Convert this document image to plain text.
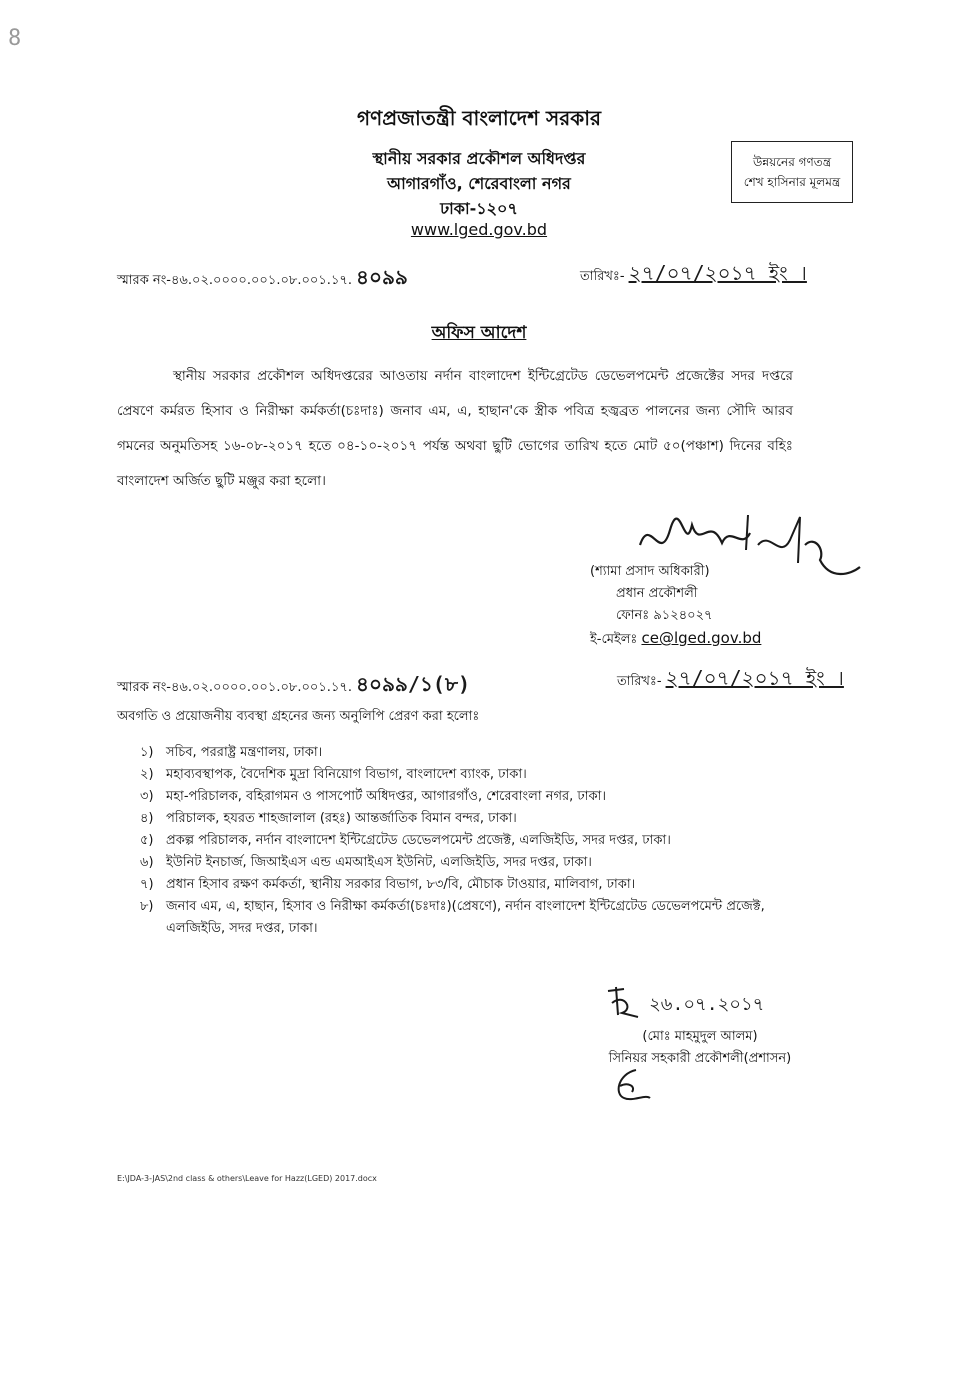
8
গণপ্রজাতন্ত্রী বাংলাদেশ সরকার
স্থানীয় সরকার প্রকৌশল অধিদপ্তর
আগারগাঁও, শেরেবাংলা নগর
ঢাকা-১২০৭
www.lged.gov.bd
উন্নয়নের গণতন্ত্র
শেখ হাসিনার মূলমন্ত্র
স্মারক নং-৪৬.০২.০০০০.০০১.০৮.০০১.১৭. ৪০৯৯	তারিখঃ- ২৭/০৭/২০১৭ ইং ।
অফিস আদেশ
স্থানীয় সরকার প্রকৌশল অধিদপ্তরের আওতায় নর্দান বাংলাদেশ ইন্টিগ্রেটেড ডেভেলপমেন্ট প্রজেক্টের সদর দপ্তরে প্রেষণে কর্মরত হিসাব ও নিরীক্ষা কর্মকর্তা(চঃদাঃ) জনাব এম, এ, হাছান'কে স্ত্রীক পবিত্র হজ্বব্রত পালনের জন্য সৌদি আরব গমনের অনুমতিসহ ১৬-০৮-২০১৭ হতে ০৪-১০-২০১৭ পর্যন্ত অথবা ছুটি ভোগের তারিখ হতে মোট ৫০(পঞ্চাশ) দিনের বহিঃ বাংলাদেশ অর্জিত ছুটি মঞ্জুর করা হলো।
(শ্যামা প্রসাদ অধিকারী)
প্রধান প্রকৌশলী
ফোনঃ ৯১২৪০২৭
ই-মেইলঃ ce@lged.gov.bd
স্মারক নং-৪৬.০২.০০০০.০০১.০৮.০০১.১৭. ৪০৯৯/১(৮)	তারিখঃ- ২৭/০৭/২০১৭ ইং ।
অবগতি ও প্রয়োজনীয় ব্যবস্থা গ্রহনের জন্য অনুলিপি প্রেরণ করা হলোঃ
১) সচিব, পররাষ্ট্র মন্ত্রণালয়, ঢাকা।
২) মহাব্যবস্থাপক, বৈদেশিক মুদ্রা বিনিয়োগ বিভাগ, বাংলাদেশ ব্যাংক, ঢাকা।
৩) মহা-পরিচালক, বহিরাগমন ও পাসপোর্ট অধিদপ্তর, আগারগাঁও, শেরেবাংলা নগর, ঢাকা।
৪) পরিচালক, হযরত শাহজালাল (রহঃ) আন্তর্জাতিক বিমান বন্দর, ঢাকা।
৫) প্রকল্প পরিচালক, নর্দান বাংলাদেশ ইন্টিগ্রেটেড ডেভেলপমেন্ট প্রজেক্ট, এলজিইডি, সদর দপ্তর, ঢাকা।
৬) ইউনিট ইনচার্জ, জিআইএস এন্ড এমআইএস ইউনিট, এলজিইডি, সদর দপ্তর, ঢাকা।
৭) প্রধান হিসাব রক্ষণ কর্মকর্তা, স্থানীয় সরকার বিভাগ, ৮৩/বি, মৌচাক টাওয়ার, মালিবাগ, ঢাকা।
৮) জনাব এম, এ, হাছান, হিসাব ও নিরীক্ষা কর্মকর্তা(চঃদাঃ)(প্রেষণে), নর্দান বাংলাদেশ ইন্টিগ্রেটেড ডেভেলপমেন্ট প্রজেক্ট, এলজিইডি, সদর দপ্তর, ঢাকা।
২৬.০৭.২০১৭
(মোঃ মাহমুদুল আলম)
সিনিয়র সহকারী প্রকৌশলী(প্রশাসন)
E:\JDA-3-JAS\2nd class & others\Leave for Hazz(LGED) 2017.docx
